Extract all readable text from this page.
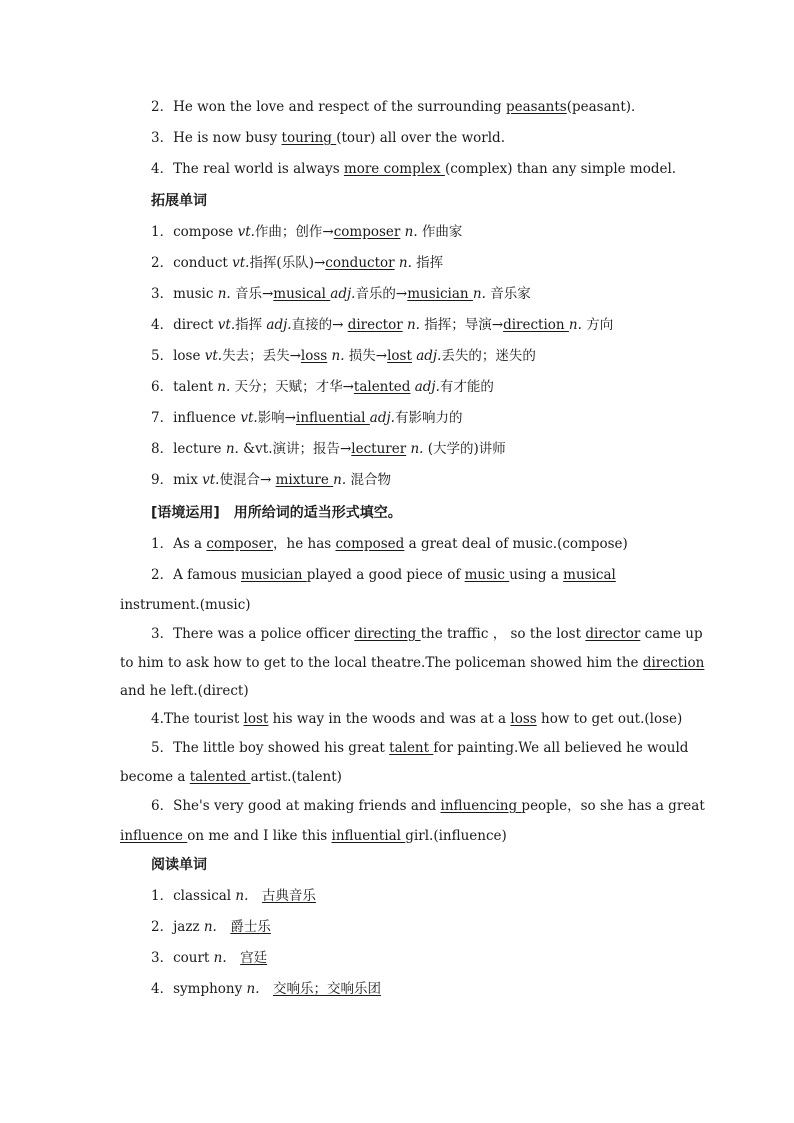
2．He won the love and respect of the surrounding peasants(peasant)．
3．He is now busy touring (tour) all over the world.
4．The real world is always more complex (complex) than any simple model.
拓展单词
1．compose vt.作曲；创作→composer n. 作曲家
2．conduct vt.指挥(乐队)→conductor n. 指挥
3．music n. 音乐→musical adj.音乐的→musician n. 音乐家
4．direct vt.指挥 adj.直接的→ director n. 指挥；导演→direction n. 方向
5．lose vt.失去；丢失→loss n. 损失→lost adj.丢失的；迷失的
6．talent n. 天分；天赋；才华→talented adj.有才能的
7．influence vt.影响→influential adj.有影响力的
8．lecture n. &vt.演讲；报告→lecturer n. (大学的)讲师
9．mix vt.使混合→ mixture n. 混合物
[语境运用]　用所给词的适当形式填空。
1．As a composer，he has composed a great deal of music.(compose)
2．A famous musician played a good piece of music using a musical
instrument.(music)
3．There was a police officer directing the traffic ， so the lost director came up
to him to ask how to get to the local theatre.The policeman showed him the direction
and he left.(direct)
4.The tourist lost his way in the woods and was at a loss how to get out.(lose)
5．The little boy showed his great talent for painting.We all believed he would
become a talented artist.(talent)
6．She's very good at making friends and influencing people，so she has a great
influence on me and I like this influential girl.(influence)
阅读单词
1．classical n.　 古典音乐
2．jazz n.　 爵士乐
3．court n.　 宫廷
4．symphony n.　 交响乐；交响乐团
